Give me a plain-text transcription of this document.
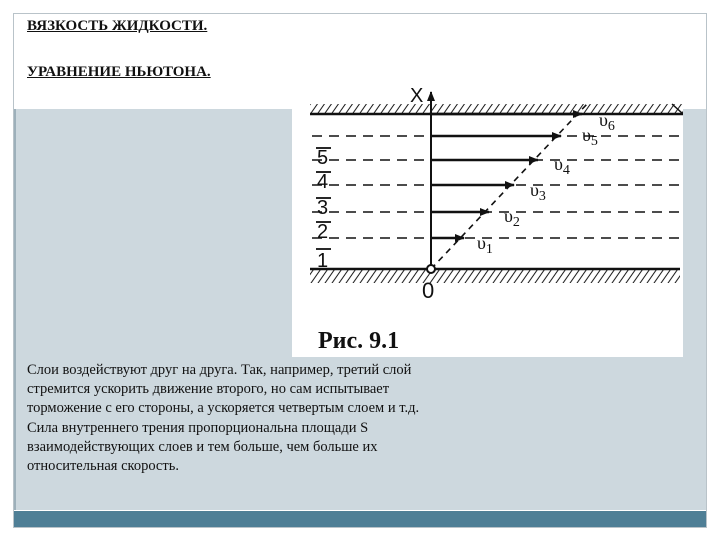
ВЯЗКОСТЬ ЖИДКОСТИ.
УРАВНЕНИЕ НЬЮТОНА.
X
0
1
2
3
4
5
$\upsilon_1$
$\upsilon_2$
$\upsilon_3$
$\upsilon_4$
$\upsilon_5$
$\upsilon_6$
Рис. 9.1
Слои воздействуют друг на друга. Так, например, третий слой
стремится ускорить движение второго, но сам испытывает
торможение с его стороны, а ускоряется четвертым слоем и т.д.
Сила внутреннего трения пропорциональна площади S
взаимодействующих слоев и тем больше, чем больше их
относительная скорость.
